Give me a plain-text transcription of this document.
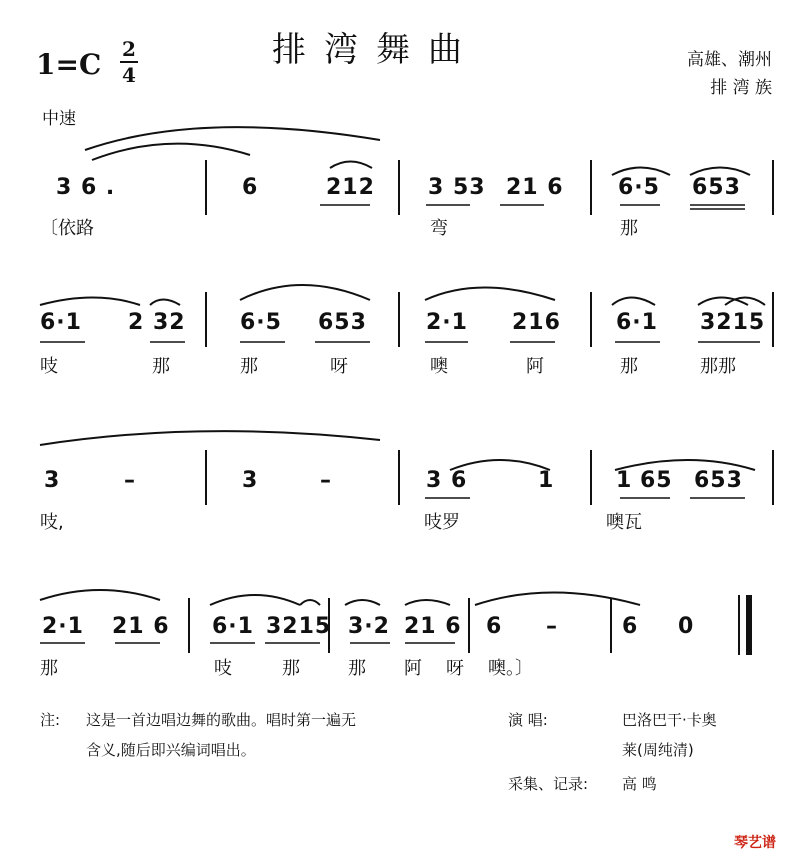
排湾舞曲
1=C 2
4
高雄、潮州
排 湾 族
中速
3 6 .	6	212 3 53 21 6 6·5 653
〔依路	弯	那
6·1 2 32 6·5 653	2·1 216	6·1 3215
吱	那	那	呀	噢	阿	那	那那
3	–	3	–	3 6	1	1 65 653
吱,	吱罗	噢瓦
2·1 21 6 6·1 3215 3·2 21 6 6 –	6 0
那	吱	那	那 阿 呀 噢。〕
注: 这是一首边唱边舞的歌曲。唱时第一遍无
含义,随后即兴编词唱出。
演 唱:	巴洛巴干·卡奥
莱(周纯清)
采集、记录: 高 鸣
琴艺谱
